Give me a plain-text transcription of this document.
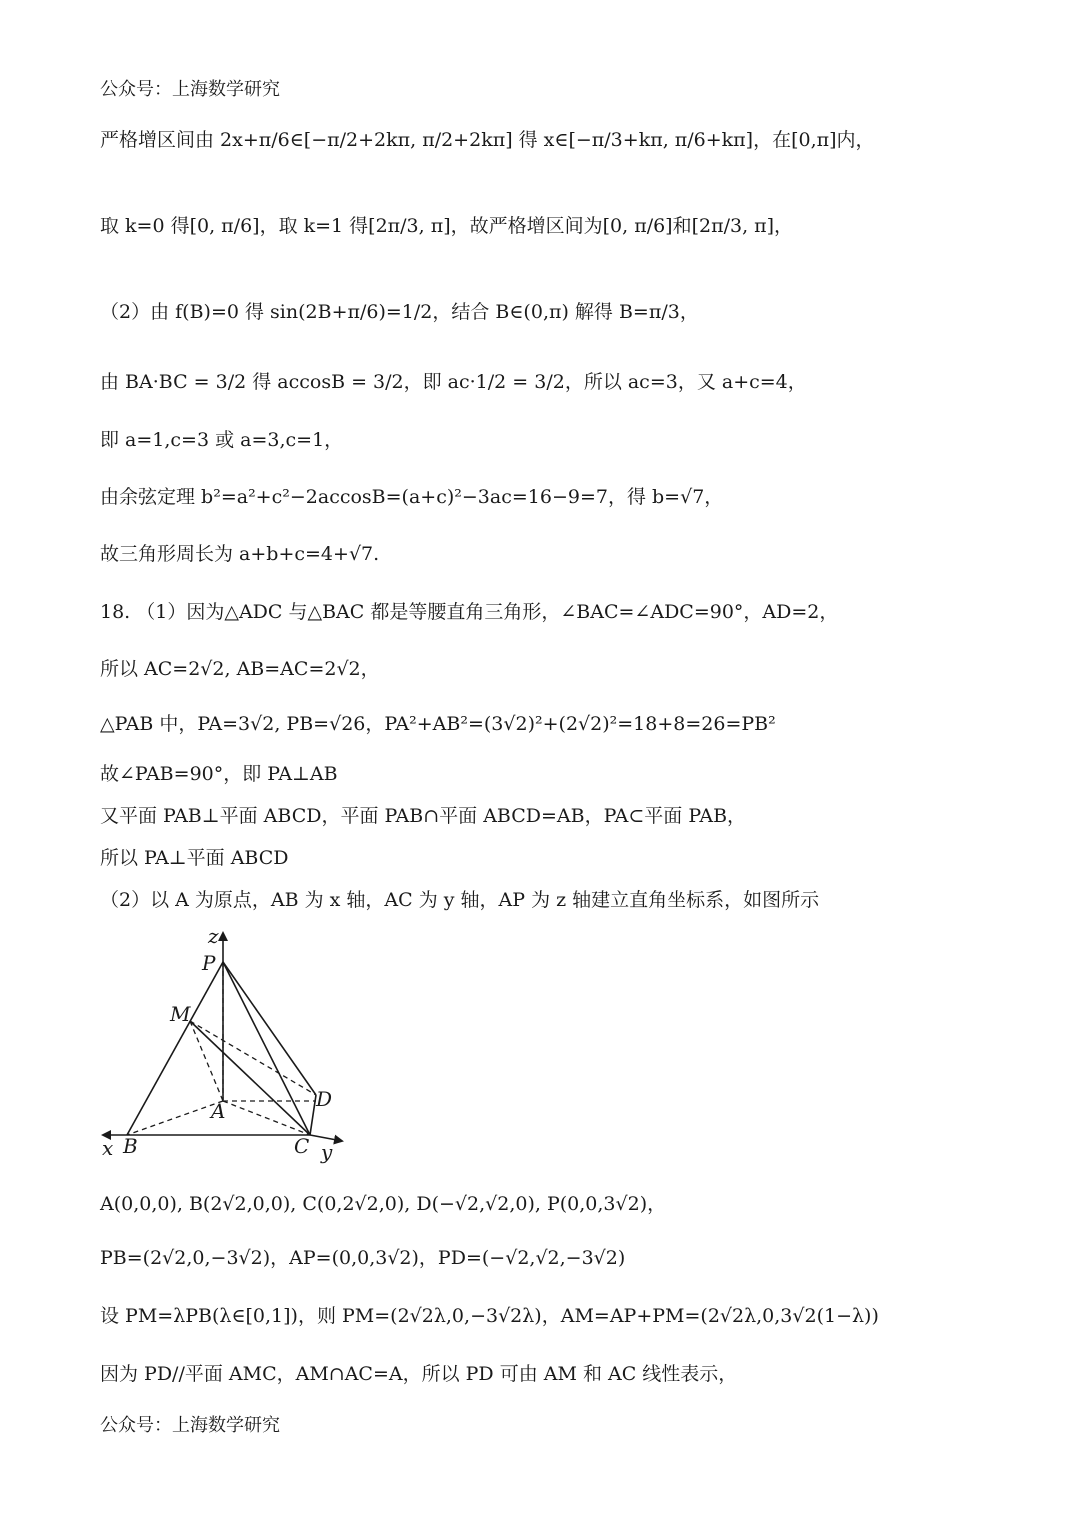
公众号：上海数学研究
严格增区间由 2x+π/6∈[−π/2+2kπ, π/2+2kπ] 得 x∈[−π/3+kπ, π/6+kπ]，在[0,π]内，
取 k=0 得[0, π/6]，取 k=1 得[2π/3, π]，故严格增区间为[0, π/6]和[2π/3, π]，
（2）由 f(B)=0 得 sin(2B+π/6)=1/2，结合 B∈(0,π) 解得 B=π/3，
由 BA·BC = 3/2 得 accosB = 3/2，即 ac·1/2 = 3/2，所以 ac=3，又 a+c=4，
即 a=1,c=3 或 a=3,c=1，
由余弦定理 b²=a²+c²−2accosB=(a+c)²−3ac=16−9=7，得 b=√7，
故三角形周长为 a+b+c=4+√7.
18. （1）因为△ADC 与△BAC 都是等腰直角三角形，∠BAC=∠ADC=90°，AD=2，
所以 AC=2√2, AB=AC=2√2，
△PAB 中，PA=3√2, PB=√26，PA²+AB²=(3√2)²+(2√2)²=18+8=26=PB²
故∠PAB=90°，即 PA⊥AB
又平面 PAB⊥平面 ABCD，平面 PAB∩平面 ABCD=AB，PA⊂平面 PAB，
所以 PA⊥平面 ABCD
（2）以 A 为原点，AB 为 x 轴，AC 为 y 轴，AP 为 z 轴建立直角坐标系，如图所示
z
P
M
A	D
x B	C y
A(0,0,0), B(2√2,0,0), C(0,2√2,0), D(−√2,√2,0), P(0,0,3√2)，
PB=(2√2,0,−3√2)，AP=(0,0,3√2)，PD=(−√2,√2,−3√2)
设 PM=λPB(λ∈[0,1])，则 PM=(2√2λ,0,−3√2λ)，AM=AP+PM=(2√2λ,0,3√2(1−λ))
因为 PD//平面 AMC，AM∩AC=A，所以 PD 可由 AM 和 AC 线性表示，
公众号：上海数学研究
